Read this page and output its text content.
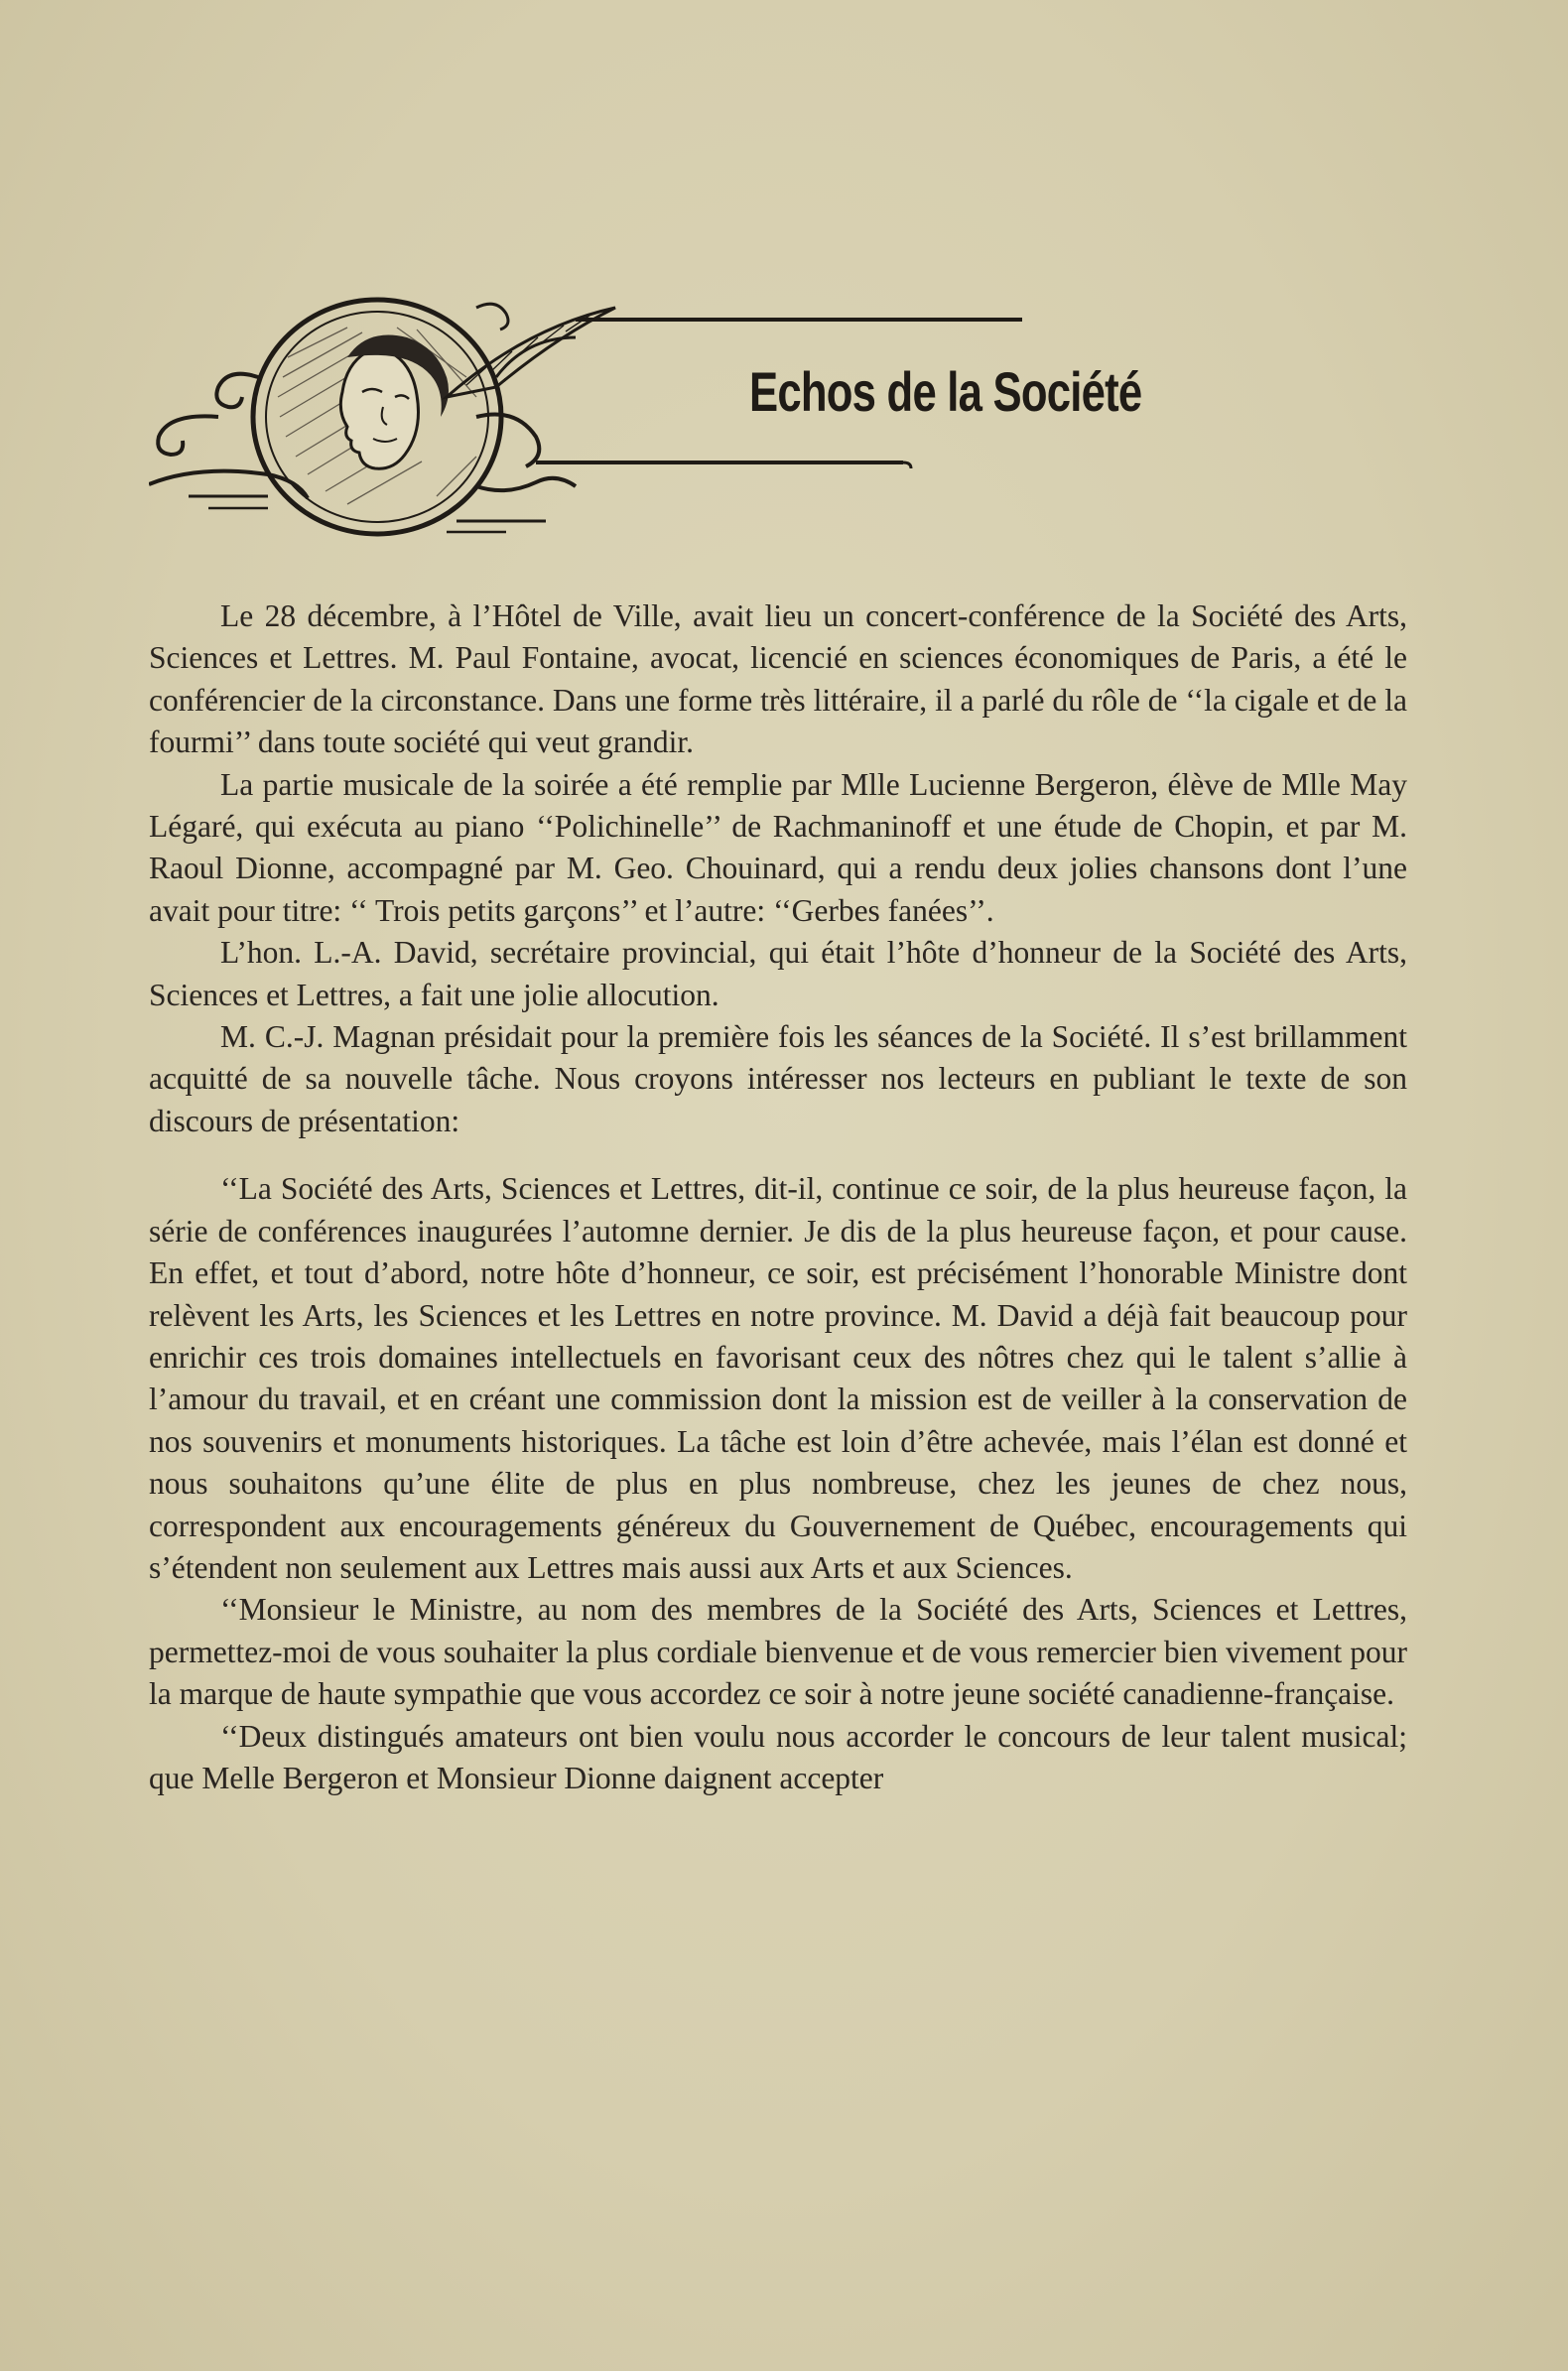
Echos de la Société

Le 28 décembre, à l’Hôtel de Ville, avait lieu un concert-conférence de la Société des Arts, Sciences et Lettres. M. Paul Fontaine, avocat, licencié en sciences économiques de Paris, a été le conférencier de la circonstance. Dans une forme très littéraire, il a parlé du rôle de ‘‘la cigale et de la fourmi’’ dans toute société qui veut grandir.

La partie musicale de la soirée a été remplie par Mlle Lucienne Bergeron, élève de Mlle May Légaré, qui exécuta au piano ‘‘Polichinelle’’ de Rachmaninoff et une étude de Chopin, et par M. Raoul Dionne, accompagné par M. Geo. Chouinard, qui a rendu deux jolies chansons dont l’une avait pour titre: ‘‘ Trois petits garçons’’ et l’autre: ‘‘Gerbes fanées’’.

L’hon. L.-A. David, secrétaire provincial, qui était l’hôte d’honneur de la Société des Arts, Sciences et Lettres, a fait une jolie allocution.

M. C.-J. Magnan présidait pour la première fois les séances de la Société. Il s’est brillamment acquitté de sa nouvelle tâche. Nous croyons intéresser nos lecteurs en publiant le texte de son discours de présentation:

‘‘La Société des Arts, Sciences et Lettres, dit-il, continue ce soir, de la plus heureuse façon, la série de conférences inaugurées l’automne dernier. Je dis de la plus heureuse façon, et pour cause. En effet, et tout d’abord, notre hôte d’honneur, ce soir, est précisément l’honorable Ministre dont relèvent les Arts, les Sciences et les Lettres en notre province. M. David a déjà fait beaucoup pour enrichir ces trois domaines intellectuels en favorisant ceux des nôtres chez qui le talent s’allie à l’amour du travail, et en créant une commission dont la mission est de veiller à la conservation de nos souvenirs et monuments historiques. La tâche est loin d’être achevée, mais l’élan est donné et nous souhaitons qu’une élite de plus en plus nombreuse, chez les jeunes de chez nous, correspondent aux encouragements généreux du Gouvernement de Québec, encouragements qui s’étendent non seulement aux Lettres mais aussi aux Arts et aux Sciences.

‘‘Monsieur le Ministre, au nom des membres de la Société des Arts, Sciences et Lettres, permettez-moi de vous souhaiter la plus cordiale bienvenue et de vous remercier bien vivement pour la marque de haute sympathie que vous accordez ce soir à notre jeune société canadienne-française.

‘‘Deux distingués amateurs ont bien voulu nous accorder le concours de leur talent musical; que Melle Bergeron et Monsieur Dionne daignent accepter
